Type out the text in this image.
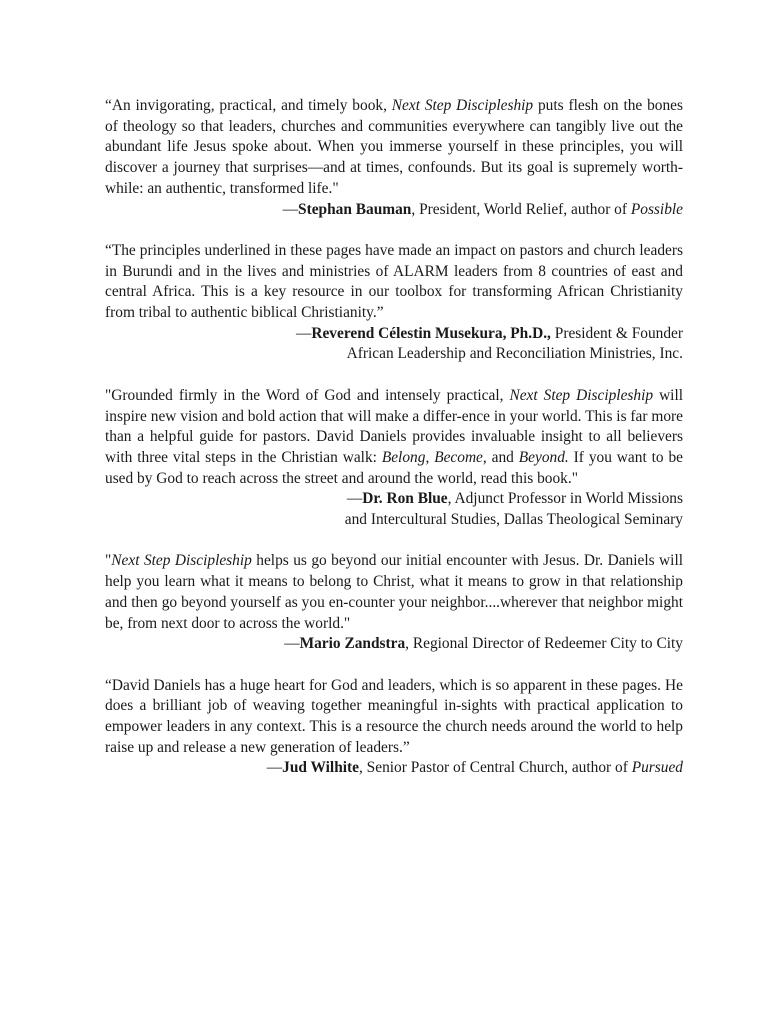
“An invigorating, practical, and timely book, Next Step Discipleship puts flesh on the bones of theology so that leaders, churches and communities everywhere can tangibly live out the abundant life Jesus spoke about. When you immerse yourself in these principles, you will discover a journey that surprises—and at times, confounds. But its goal is supremely worth-while: an authentic, transformed life."

—Stephan Bauman, President, World Relief, author of Possible

“The principles underlined in these pages have made an impact on pastors and church leaders in Burundi and in the lives and ministries of ALARM leaders from 8 countries of east and central Africa. This is a key resource in our toolbox for transforming African Christianity from tribal to authentic biblical Christianity.”

—Reverend Célestin Musekura, Ph.D., President & Founder
African Leadership and Reconciliation Ministries, Inc.

"Grounded firmly in the Word of God and intensely practical, Next Step Discipleship will inspire new vision and bold action that will make a differ-ence in your world. This is far more than a helpful guide for pastors. David Daniels provides invaluable insight to all believers with three vital steps in the Christian walk: Belong, Become, and Beyond. If you want to be used by God to reach across the street and around the world, read this book."

—Dr. Ron Blue, Adjunct Professor in World Missions
and Intercultural Studies, Dallas Theological Seminary

"Next Step Discipleship helps us go beyond our initial encounter with Jesus. Dr. Daniels will help you learn what it means to belong to Christ, what it means to grow in that relationship and then go beyond yourself as you en-counter your neighbor....wherever that neighbor might be, from next door to across the world."

—Mario Zandstra, Regional Director of Redeemer City to City

“David Daniels has a huge heart for God and leaders, which is so apparent in these pages. He does a brilliant job of weaving together meaningful in-sights with practical application to empower leaders in any context. This is a resource the church needs around the world to help raise up and release a new generation of leaders.”

—Jud Wilhite, Senior Pastor of Central Church, author of Pursued
